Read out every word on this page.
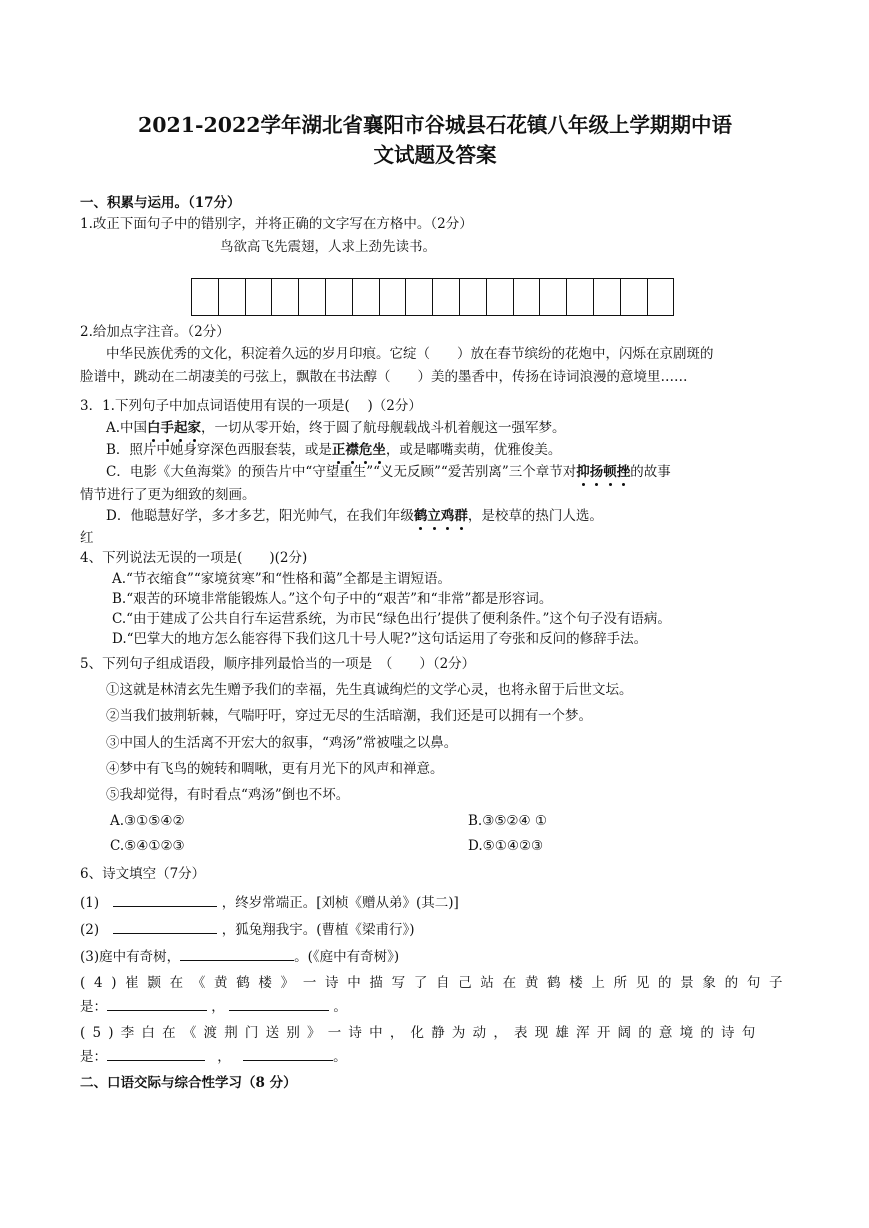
2021-2022学年湖北省襄阳市谷城县石花镇八年级上学期期中语
文试题及答案
一、积累与运用。（17分）
1.改正下面句子中的错别字，并将正确的文字写在方格中。（2分）
鸟欲高飞先震翅，人求上劲先读书。
2.给加点字注音。（2分）
中华民族优秀的文化，积淀着久远的岁月印痕。它绽（　　）放在春节缤纷的花炮中，闪烁在京剧斑的
脸谱中，跳动在二胡凄美的弓弦上，飘散在书法醇（　　）美的墨香中，传扬在诗词浪漫的意境里……
3．1.下列句子中加点词语使用有误的一项是(　 )（2分）
A.中国白手起家，一切从零开始，终于圆了航母舰载战斗机着舰这一强军梦。
B．照片中她身穿深色西服套装，或是正襟危坐，或是嘟嘴卖萌，优雅俊美。
C．电影《大鱼海棠》的预告片中“守望重生”“义无反顾”“爱苦别离”三个章节对抑扬顿挫的故事
情节进行了更为细致的刻画。
D．他聪慧好学，多才多艺，阳光帅气，在我们年级鹤立鸡群，是校草的热门人选。
红
4、下列说法无误的一项是(　　)(2分)
A.“节衣缩食”“家境贫寒”和“性格和蔼”全都是主谓短语。
B.“艰苦的环境非常能锻炼人。”这个句子中的“艰苦”和“非常”都是形容词。
C.“由于建成了公共自行车运营系统，为市民“绿色出行’提供了便利条件。”这个句子没有语病。
D.“巴掌大的地方怎么能容得下我们这几十号人呢?”这句话运用了夸张和反问的修辞手法。
5、下列句子组成语段，顺序排列最恰当的一项是　（　　）（2分）
①这就是林清玄先生赠予我们的幸福，先生真诚绚烂的文学心灵，也将永留于后世文坛。
②当我们披荆斩棘，气喘吁吁，穿过无尽的生活暗潮，我们还是可以拥有一个梦。
③中国人的生活离不开宏大的叙事，“鸡汤”常被嗤之以鼻。
④梦中有飞鸟的婉转和啁啾，更有月光下的风声和禅意。
⑤我却觉得，有时看点“鸡汤”倒也不坏。
A.③①⑤④②	B.③⑤②④ ①
C.⑤④①②③	D.⑤①④②③
6、诗文填空（7分）
(1)	，终岁常端正。[刘桢《赠从弟》(其二)]
(2)	，狐兔翔我宇。(曹植《梁甫行》)
(3)庭中有奇树，	。(《庭中有奇树》)
(4)崔颢在《黄鹤楼》一诗中描写了自己站在黄鹤楼上所见的景象的句子
是：	，	。
(5)李白在《渡荆门送别》一诗中，化静为动，表现雄浑开阔的意境的诗句
是：	，	。
二、口语交际与综合性学习（8 分）
